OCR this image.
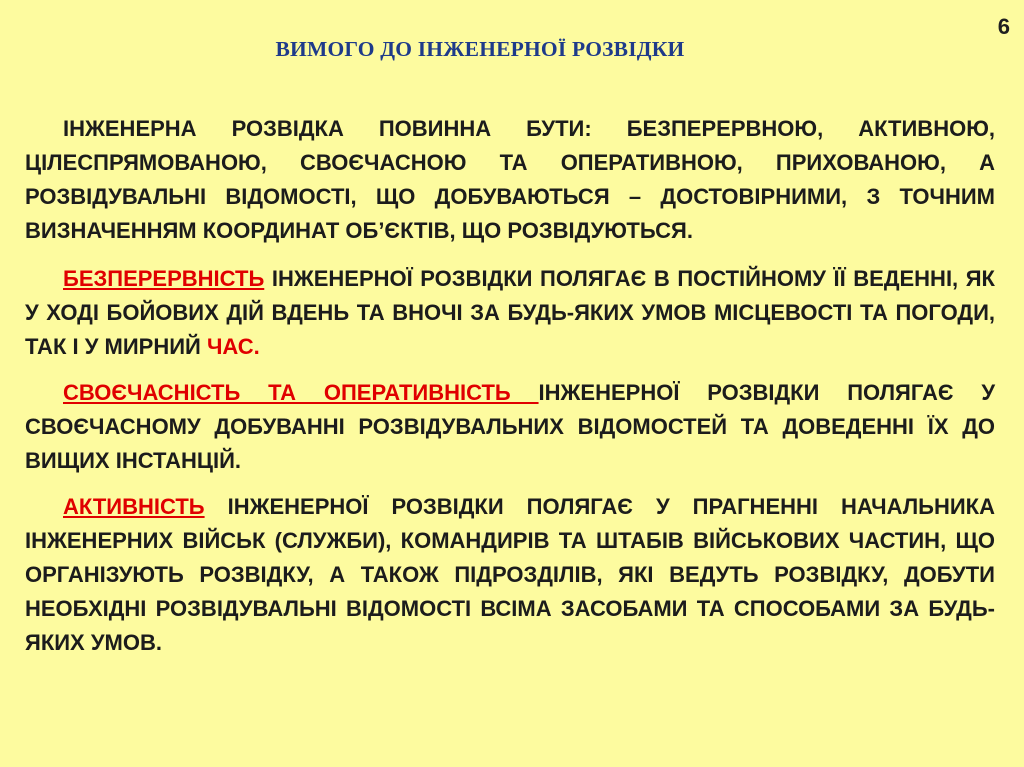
6
ВИМОГО ДО ІНЖЕНЕРНОЇ РОЗВІДКИ

ІНЖЕНЕРНА РОЗВІДКА ПОВИННА БУТИ: БЕЗПЕРЕРВНОЮ, АКТИВНОЮ, ЦІЛЕСПРЯМОВАНОЮ, СВОЄЧАСНОЮ ТА ОПЕРАТИВНОЮ, ПРИХОВАНОЮ, А РОЗВІДУВАЛЬНІ ВІДОМОСТІ, ЩО ДОБУВАЮТЬСЯ – ДОСТОВІРНИМИ, З ТОЧНИМ ВИЗНАЧЕННЯМ КООРДИНАТ ОБ’ЄКТІВ, ЩО РОЗВІДУЮТЬСЯ.

БЕЗПЕРЕРВНІСТЬ ІНЖЕНЕРНОЇ РОЗВІДКИ ПОЛЯГАЄ В ПОСТІЙНОМУ ЇЇ ВЕДЕННІ, ЯК У ХОДІ БОЙОВИХ ДІЙ ВДЕНЬ ТА ВНОЧІ ЗА БУДЬ-ЯКИХ УМОВ МІСЦЕВОСТІ ТА ПОГОДИ, ТАК І У МИРНИЙ ЧАС.

СВОЄЧАСНІСТЬ ТА ОПЕРАТИВНІСТЬ ІНЖЕНЕРНОЇ РОЗВІДКИ ПОЛЯГАЄ У СВОЄЧАСНОМУ ДОБУВАННІ РОЗВІДУВАЛЬНИХ ВІДОМОСТЕЙ ТА ДОВЕДЕННІ ЇХ ДО ВИЩИХ ІНСТАНЦІЙ.

АКТИВНІСТЬ ІНЖЕНЕРНОЇ РОЗВІДКИ ПОЛЯГАЄ У ПРАГНЕННІ НАЧАЛЬНИКА ІНЖЕНЕРНИХ ВІЙСЬК (СЛУЖБИ), КОМАНДИРІВ ТА ШТАБІВ ВІЙСЬКОВИХ ЧАСТИН, ЩО ОРГАНІЗУЮТЬ РОЗВІДКУ, А ТАКОЖ ПІДРОЗДІЛІВ, ЯКІ ВЕДУТЬ РОЗВІДКУ, ДОБУТИ НЕОБХІДНІ РОЗВІДУВАЛЬНІ ВІДОМОСТІ ВСІМА ЗАСОБАМИ ТА СПОСОБАМИ ЗА БУДЬ-ЯКИХ УМОВ.
